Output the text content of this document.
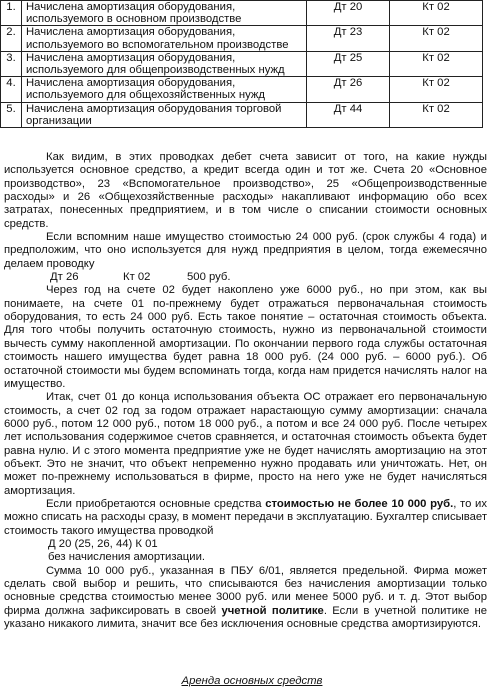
1.	Начислена амортизация оборудования,
используемого в основном производстве	Дт 20	Кт 02
2.	Начислена амортизация оборудования,
используемого во вспомогательном производстве	Дт 23	Кт 02
3.	Начислена амортизация оборудования,
используемого для общепроизводственных нужд	Дт 25	Кт 02
4.	Начислена амортизация оборудования,
используемого для общехозяйственных нужд	Дт 26	Кт 02
5.	Начислена амортизация оборудования торговой
организации	Дт 44	Кт 02

Как видим, в этих проводках дебет счета зависит от того, на какие нужды используется основное средство, а кредит всегда один и тот же. Счета 20 «Основное производство», 23 «Вспомогательное производство», 25 «Общепроизводственные расходы» и 26 «Общехозяйственные расходы» накапливают информацию обо всех затратах, понесенных предприятием, и в том числе о списании стоимости основных средств.

Если вспомним наше имущество стоимостью 24 000 руб. (срок службы 4 года) и предположим, что оно используется для нужд предприятия в целом, тогда ежемесячно делаем проводку

Дт 26	Кт 02	500 руб.

Через год на счете 02 будет накоплено уже 6000 руб., но при этом, как вы понимаете, на счете 01 по-прежнему будет отражаться первоначальная стоимость оборудования, то есть 24 000 руб. Есть такое понятие – остаточная стоимость объекта. Для того чтобы получить остаточную стоимость, нужно из первоначальной стоимости вычесть сумму накопленной амортизации. По окончании первого года службы остаточная стоимость нашего имущества будет равна 18 000 руб. (24 000 руб. – 6000 руб.). Об остаточной стоимости мы будем вспоминать тогда, когда нам придется начислять налог на имущество.

Итак, счет 01 до конца использования объекта ОС отражает его первоначальную стоимость, а счет 02 год за годом отражает нарастающую сумму амортизации: сначала 6000 руб., потом 12 000 руб., потом 18 000 руб., а потом и все 24 000 руб. После четырех лет использования содержимое счетов сравняется, и остаточная стоимость объекта будет равна нулю. И с этого момента предприятие уже не будет начислять амортизацию на этот объект. Это не значит, что объект непременно нужно продавать или уничтожать. Нет, он может по-прежнему использоваться в фирме, просто на него уже не будет начисляться амортизация.

Если приобретаются основные средства стоимостью не более 10 000 руб., то их можно списать на расходы сразу, в момент передачи в эксплуатацию. Бухгалтер списывает стоимость такого имущества проводкой

Д 20 (25, 26, 44) К 01
без начисления амортизации.

Сумма 10 000 руб., указанная в ПБУ 6/01, является предельной. Фирма может сделать свой выбор и решить, что списываются без начисления амортизации только основные средства стоимостью менее 3000 руб. или менее 5000 руб. и т. д. Этот выбор фирма должна зафиксировать в своей учетной политике. Если в учетной политике не указано никакого лимита, значит все без исключения основные средства амортизируются.

Аренда основных средств
